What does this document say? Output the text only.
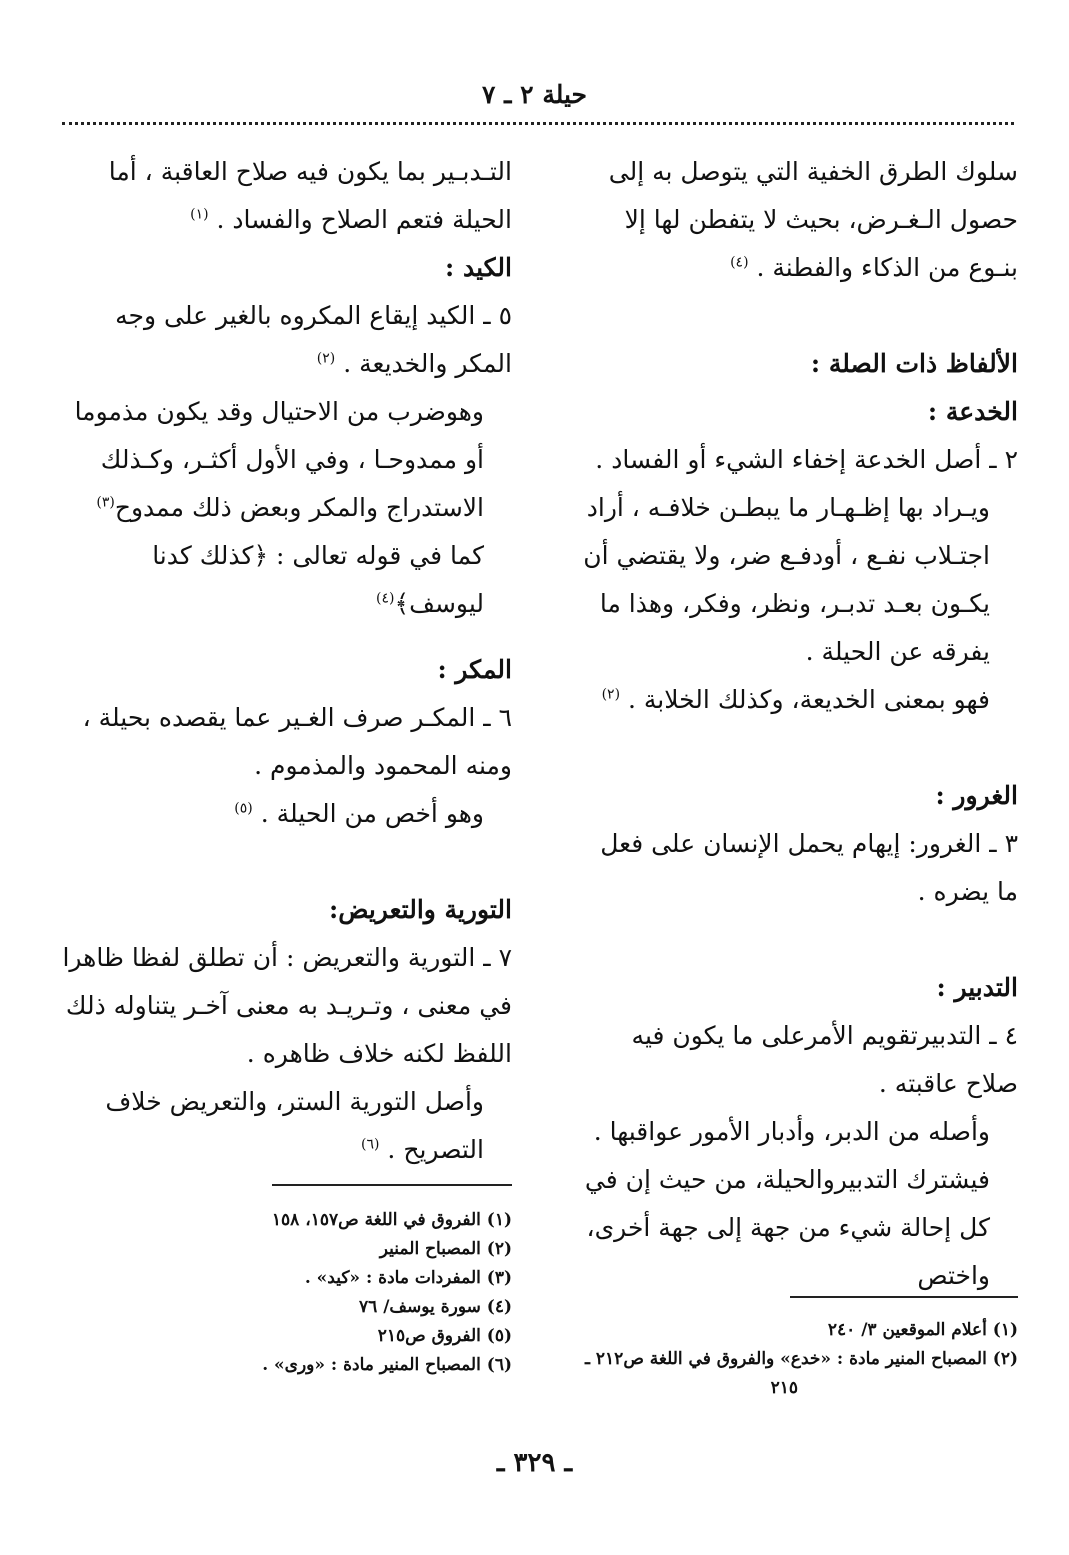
حيلة ٢ ـ ٧

سلوك الطرق الخفية التي يتوصل به إلى حصول الـغـرض، بحيث لا يتفطن لها إلا بنـوع من الذكاء والفطنة . $^{(٤)}$

الألفاظ ذات الصلة :

الخدعة :

٢ ـ أصل الخدعة إخفاء الشيء أو الفساد .

ويـراد بها إظـهـار ما يبطـن خلافـه ، أراد اجتـلاب نفـع ، أودفـع ضر، ولا يقتضي أن يكـون بعـد تدبـر، ونظر، وفكر، وهذا ما يفرقه عن الحيلة .

فهو بمعنى الخديعة، وكذلك الخلابة . $^{(٢)}$

الغرور :

٣ ـ الغرور: إيهام يحمل الإنسان على فعل ما يضره .

التدبير :

٤ ـ التدبيرتقويم الأمرعلى ما يكون فيه صلاح عاقبته .

وأصله من الدبر، وأدبار الأمور عواقبها .

فيشترك التدبيروالحيلة، من حيث إن في كل إحالة شيء من جهة إلى جهة أخرى، واختص

التـدبـير بما يكون فيه صلاح العاقبة ، أما الحيلة فتعم الصلاح والفساد . $^{(١)}$

الكيد :

٥ ـ الكيد إيقاع المكروه بالغير على وجه المكر والخديعة . $^{(٢)}$

وهوضرب من الاحتيال وقد يكون مذموما أو ممدوحـا ، وفي الأول أكثـر، وكـذلك الاستدراج والمكر وبعض ذلك ممدوح$^{(٣)}$ كما في قوله تعالى : ﴿كذلك كدنا ليوسف﴾$^{(٤)}$

المكر :

٦ ـ المكـر صرف الغـير عما يقصده بحيلة ، ومنه المحمود والمذموم .

وهو أخص من الحيلة . $^{(٥)}$

التورية والتعريض:

٧ ـ التورية والتعريض : أن تطلق لفظا ظاهرا في معنى ، وتـريـد به معنى آخـر يتناوله ذلك اللفظ لكنه خلاف ظاهره .

وأصل التورية الستر، والتعريض خلاف التصريح . $^{(٦)}$

(١) أعلام الموقعين ٣/ ٢٤٠
(٢) المصباح المنير مادة : «خدع» والفروق في اللغة ص٢١٢ ـ
٢١٥
(١) الفروق في اللغة ص١٥٧، ١٥٨
(٢) المصباح المنير
(٣) المفردات مادة : «كيد» .
(٤) سورة يوسف/ ٧٦
(٥) الفروق ص٢١٥
(٦) المصباح المنير مادة : «ورى» .
ـ ٣٢٩ ـ
